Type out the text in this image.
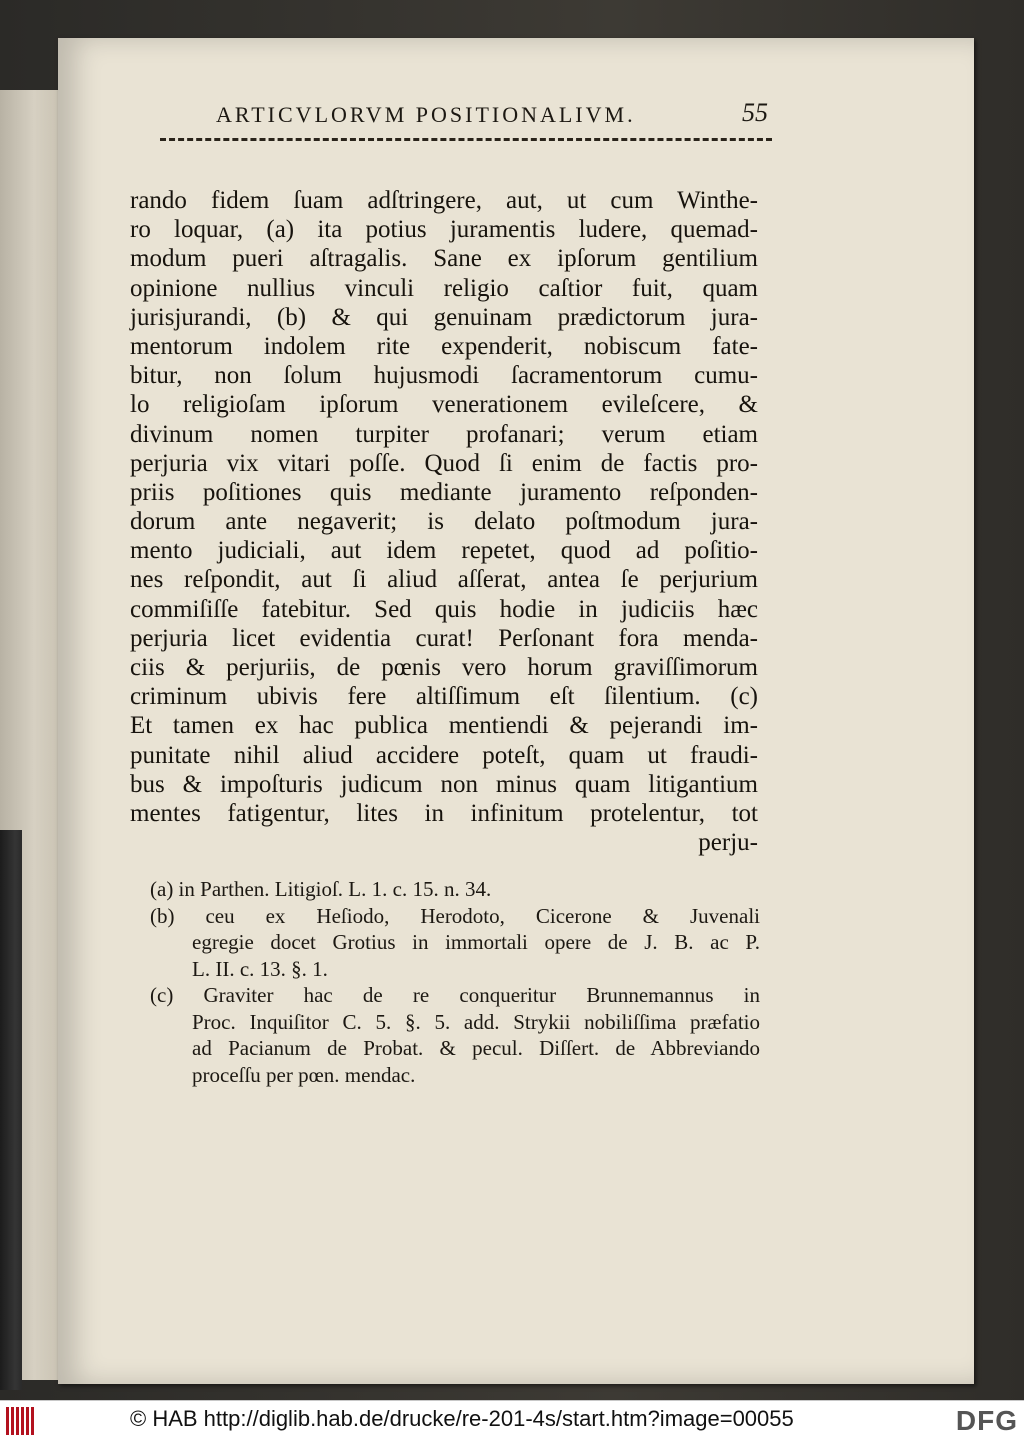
ARTICVLORVM POSITIONALIVM.	55
rando fidem ſuam adſtringere, aut, ut cum Winthe-
ro loquar, (a) ita potius juramentis ludere, quemad-
modum pueri aſtragalis. Sane ex ipſorum gentilium
opinione nullius vinculi religio caſtior fuit, quam
jurisjurandi, (b) & qui genuinam prædictorum jura-
mentorum indolem rite expenderit, nobiscum fate-
bitur, non ſolum hujusmodi ſacramentorum cumu-
lo religioſam ipſorum venerationem evileſcere, &
divinum nomen turpiter profanari; verum etiam
perjuria vix vitari poſſe. Quod ſi enim de factis pro-
priis poſitiones quis mediante juramento reſponden-
dorum ante negaverit; is delato poſtmodum jura-
mento judiciali, aut idem repetet, quod ad poſitio-
nes reſpondit, aut ſi aliud aſſerat, antea ſe perjurium
commiſiſſe fatebitur. Sed quis hodie in judiciis hæc
perjuria licet evidentia curat! Perſonant fora menda-
ciis & perjuriis, de pœnis vero horum graviſſimorum
criminum ubivis fere altiſſimum eſt ſilentium. (c)
Et tamen ex hac publica mentiendi & pejerandi im-
punitate nihil aliud accidere poteſt, quam ut fraudi-
bus & impoſturis judicum non minus quam litigantium
mentes fatigentur, lites in infinitum protelentur, tot
perju-
(a) in Parthen. Litigioſ. L. 1. c. 15. n. 34.
(b) ceu ex Heſiodo, Herodoto, Cicerone & Juvenali
egregie docet Grotius in immortali opere de J. B. ac P.
L. II. c. 13. §. 1.
(c) Graviter hac de re conqueritur Brunnemannus in
Proc. Inquiſitor C. 5. §. 5. add. Strykii nobiliſſima præfatio
ad Pacianum de Probat. & pecul. Diſſert. de Abbreviando
proceſſu per pœn. mendac.
© HAB http://diglib.hab.de/drucke/re-201-4s/start.htm?image=00055	DFG
